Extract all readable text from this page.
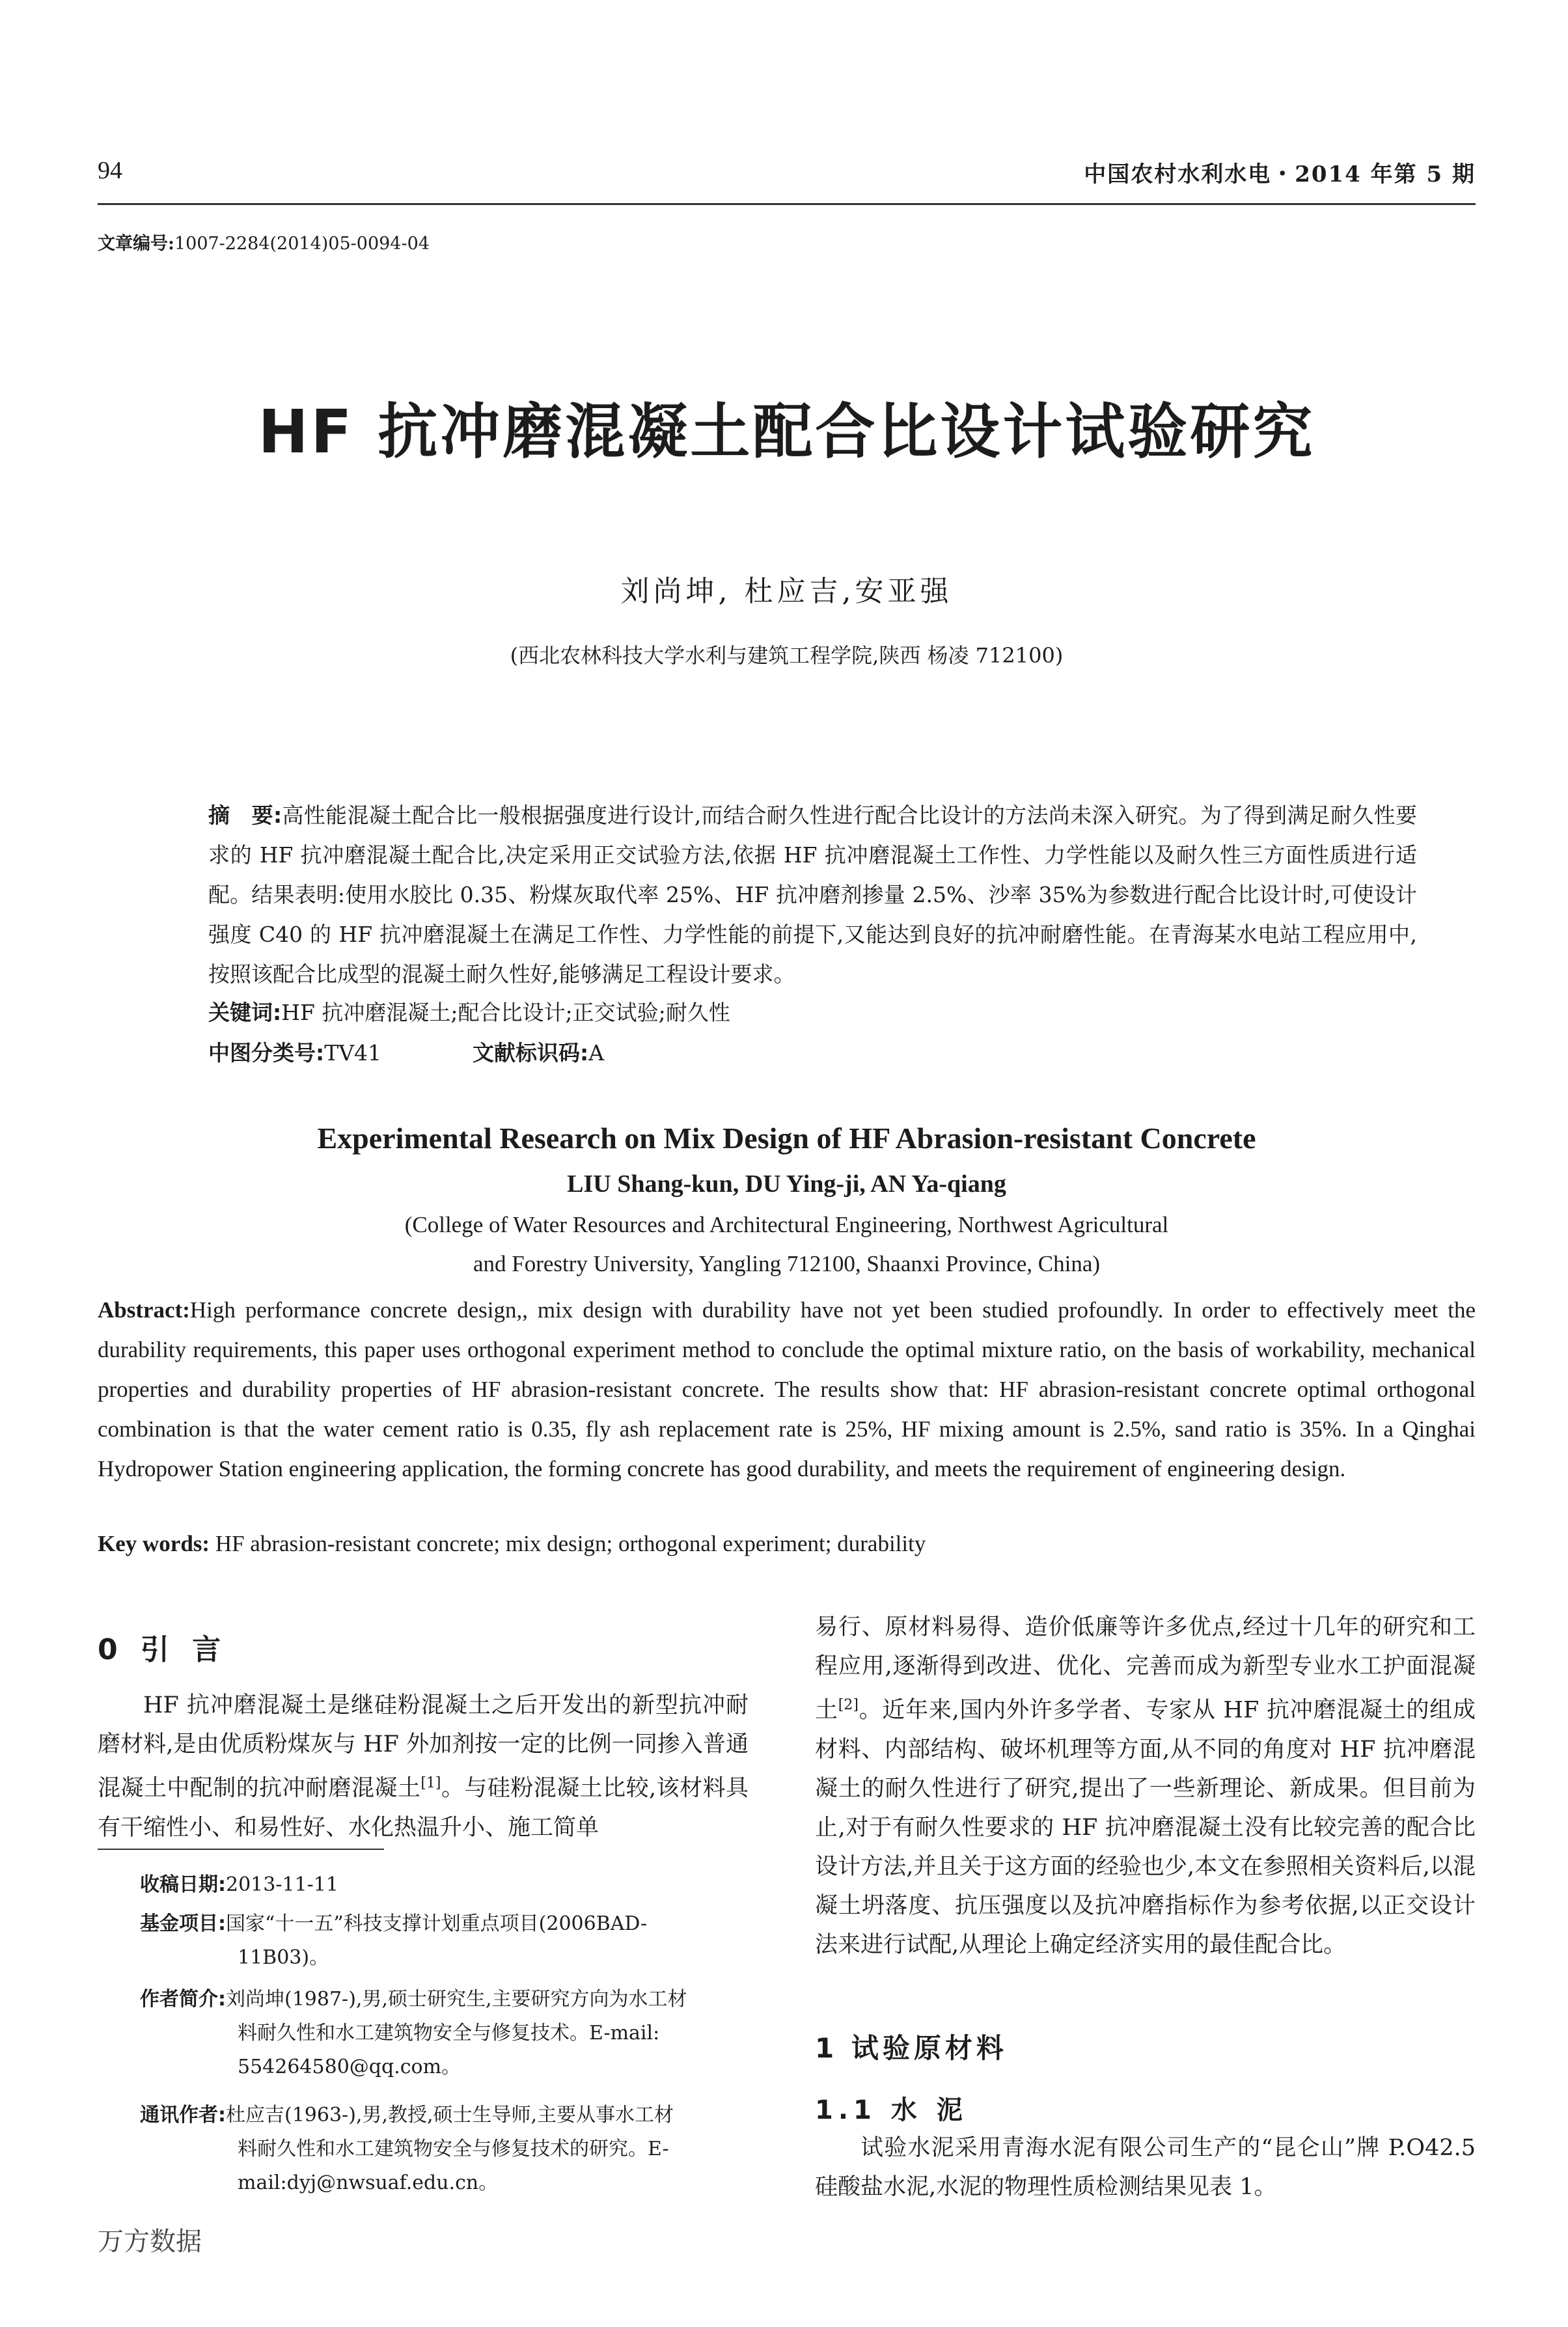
94	中国农村水利水电・2014 年第 5 期
文章编号:1007-2284(2014)05-0094-04
HF 抗冲磨混凝土配合比设计试验研究
刘尚坤, 杜应吉,安亚强
(西北农林科技大学水利与建筑工程学院,陕西 杨凌 712100)
摘　要:高性能混凝土配合比一般根据强度进行设计,而结合耐久性进行配合比设计的方法尚未深入研究。为了得到满足耐久性要求的 HF 抗冲磨混凝土配合比,决定采用正交试验方法,依据 HF 抗冲磨混凝土工作性、力学性能以及耐久性三方面性质进行适配。结果表明:使用水胶比 0.35、粉煤灰取代率 25%、HF 抗冲磨剂掺量 2.5%、沙率 35%为参数进行配合比设计时,可使设计强度 C40 的 HF 抗冲磨混凝土在满足工作性、力学性能的前提下,又能达到良好的抗冲耐磨性能。在青海某水电站工程应用中,按照该配合比成型的混凝土耐久性好,能够满足工程设计要求。
关键词:HF 抗冲磨混凝土;配合比设计;正交试验;耐久性
中图分类号:TV41	文献标识码:A
Experimental Research on Mix Design of HF Abrasion-resistant Concrete
LIU Shang-kun, DU Ying-ji, AN Ya-qiang
(College of Water Resources and Architectural Engineering, Northwest Agricultural
and Forestry University, Yangling 712100, Shaanxi Province, China)
Abstract:High performance concrete design,, mix design with durability have not yet been studied profoundly. In order to effectively meet the durability requirements, this paper uses orthogonal experiment method to conclude the optimal mixture ratio, on the basis of workability, mechanical properties and durability properties of HF abrasion-resistant concrete. The results show that: HF abrasion-resistant concrete optimal orthogonal combination is that the water cement ratio is 0.35, fly ash replacement rate is 25%, HF mixing amount is 2.5%, sand ratio is 35%. In a Qinghai Hydropower Station engineering application, the forming concrete has good durability, and meets the requirement of engineering design.
Key words: HF abrasion-resistant concrete; mix design; orthogonal experiment; durability
0 引 言
HF 抗冲磨混凝土是继硅粉混凝土之后开发出的新型抗冲耐磨材料,是由优质粉煤灰与 HF 外加剂按一定的比例一同掺入普通混凝土中配制的抗冲耐磨混凝土[1]。与硅粉混凝土比较,该材料具有干缩性小、和易性好、水化热温升小、施工简单
收稿日期:2013-11-11
基金项目:国家“十一五”科技支撑计划重点项目(2006BAD-
11B03)。
作者简介:刘尚坤(1987-),男,硕士研究生,主要研究方向为水工材
料耐久性和水工建筑物安全与修复技术。E-mail:
554264580@qq.com。
通讯作者:杜应吉(1963-),男,教授,硕士生导师,主要从事水工材
料耐久性和水工建筑物安全与修复技术的研究。E-
mail:dyj@nwsuaf.edu.cn。
易行、原材料易得、造价低廉等许多优点,经过十几年的研究和工程应用,逐渐得到改进、优化、完善而成为新型专业水工护面混凝土[2]。近年来,国内外许多学者、专家从 HF 抗冲磨混凝土的组成材料、内部结构、破坏机理等方面,从不同的角度对 HF 抗冲磨混凝土的耐久性进行了研究,提出了一些新理论、新成果。但目前为止,对于有耐久性要求的 HF 抗冲磨混凝土没有比较完善的配合比设计方法,并且关于这方面的经验也少,本文在参照相关资料后,以混凝土坍落度、抗压强度以及抗冲磨指标作为参考依据,以正交设计法来进行试配,从理论上确定经济实用的最佳配合比。
1 试验原材料
1.1 水 泥
试验水泥采用青海水泥有限公司生产的“昆仑山”牌 P.O42.5 硅酸盐水泥,水泥的物理性质检测结果见表 1。
万方数据
